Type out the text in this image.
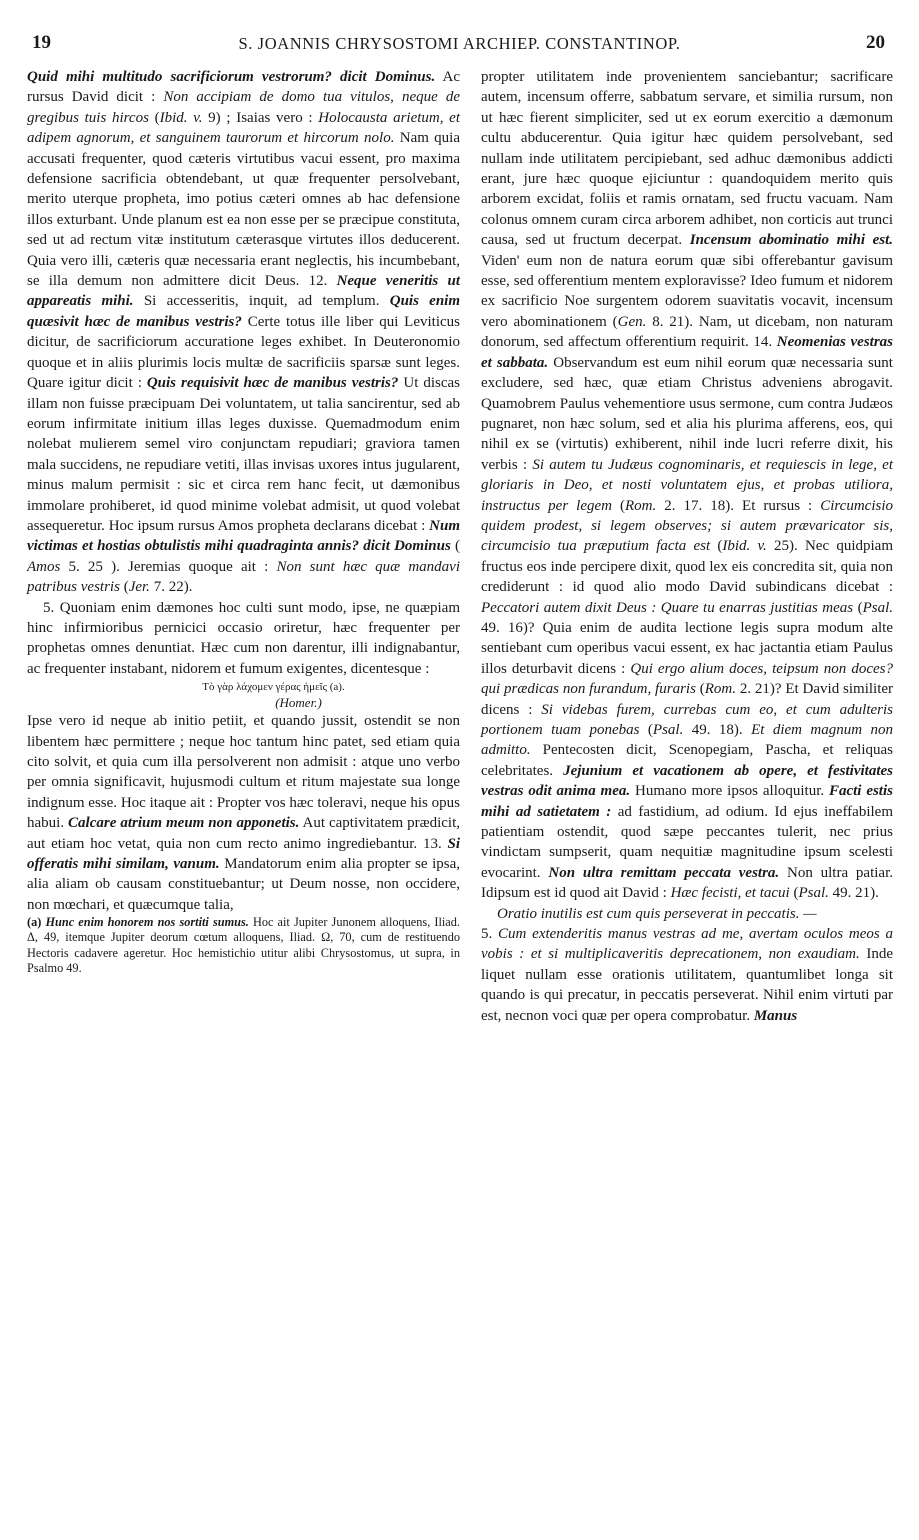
19	S. JOANNIS CHRYSOSTOMI ARCHIEP. CONSTANTINOP.	20

Quid mihi multitudo sacrificiorum vestrorum? dicit Dominus. Ac rursus David dicit : Non accipiam de domo tua vitulos, neque de gregibus tuis hircos (Ibid. v. 9) ; Isaias vero : Holocausta arietum, et adipem agnorum, et sanguinem taurorum et hircorum nolo. Nam quia accusati frequenter, quod cæteris virtutibus vacui essent, pro maxima defensione sacrificia obtendebant, ut quæ frequenter persolvebant, merito uterque propheta, imo potius cæteri omnes ab hac defensione illos exturbant. Unde planum est ea non esse per se præcipue constituta, sed ut ad rectum vitæ institutum cæterasque virtutes illos deducerent. Quia vero illi, cæteris quæ necessaria erant neglectis, his incumbebant, se illa demum non admittere dicit Deus. 12. Neque veneritis ut appareatis mihi. Si accesseritis, inquit, ad templum. Quis enim quæsivit hæc de manibus vestris? Certe totus ille liber qui Leviticus dicitur, de sacrificiorum accuratione leges exhibet. In Deuteronomio quoque et in aliis plurimis locis multæ de sacrificiis sparsæ sunt leges. Quare igitur dicit : Quis requisivit hæc de manibus vestris? Ut discas illam non fuisse præcipuam Dei voluntatem, ut talia sancirentur, sed ab eorum infirmitate initium illas leges duxisse. Quemadmodum enim nolebat mulierem semel viro conjunctam repudiari; graviora tamen mala succidens, ne repudiare vetiti, illas invisas uxores intus jugularent, minus malum permisit : sic et circa rem hanc fecit, ut dæmonibus immolare prohiberet, id quod minime volebat admisit, ut quod volebat assequeretur. Hoc ipsum rursus Amos propheta declarans dicebat : Num victimas et hostias obtulistis mihi quadraginta annis? dicit Dominus ( Amos 5. 25 ). Jeremias quoque ait : Non sunt hæc quæ mandavi patribus vestris (Jer. 7. 22).

5. Quoniam enim dæmones hoc culti sunt modo, ipse, ne quæpiam hinc infirmioribus pernicici occasio oriretur, hæc frequenter per prophetas omnes denuntiat. Hæc cum non darentur, illi indignabantur, ac frequenter instabant, nidorem et fumum exigentes, dicentesque :

Τὸ γὰρ λάχομεν γέρας ἡμεῖς (a).

(Homer.)

Ipse vero id neque ab initio petiit, et quando jussit, ostendit se non libentem hæc permittere ; neque hoc tantum hinc patet, sed etiam quia cito solvit, et quia cum illa persolverent non admisit : atque uno verbo per omnia significavit, hujusmodi cultum et ritum majestate sua longe indignum esse. Hoc itaque ait : Propter vos hæc toleravi, neque his opus habui. Calcare atrium meum non apponetis. Aut captivitatem prædicit, aut etiam hoc vetat, quia non cum recto animo ingrediebantur. 13. Si offeratis mihi similam, vanum. Mandatorum enim alia propter se ipsa, alia aliam ob causam constituebantur; ut Deum nosse, non occidere, non mœchari, et quæcumque talia,

(a) Hunc enim honorem nos sortiti sumus. Hoc ait Jupiter Junonem alloquens, Iliad. Δ, 49, itemque Jupiter deorum cœtum alloquens, Iliad. Ω, 70, cum de restituendo Hectoris cadavere ageretur. Hoc hemistichio utitur alibi Chrysostomus, ut supra, in Psalmo 49.

propter utilitatem inde provenientem sanciebantur; sacrificare autem, incensum offerre, sabbatum servare, et similia rursum, non ut hæc fierent simpliciter, sed ut ex eorum exercitio a dæmonum cultu abducerentur. Quia igitur hæc quidem persolvebant, sed nullam inde utilitatem percipiebant, sed adhuc dæmonibus addicti erant, jure hæc quoque ejiciuntur : quandoquidem merito quis arborem excidat, foliis et ramis ornatam, sed fructu vacuam. Nam colonus omnem curam circa arborem adhibet, non corticis aut trunci causa, sed ut fructum decerpat. Incensum abominatio mihi est. Viden' eum non de natura eorum quæ sibi offerebantur gavisum esse, sed offerentium mentem exploravisse? Ideo fumum et nidorem ex sacrificio Noe surgentem odorem suavitatis vocavit, incensum vero abominationem (Gen. 8. 21). Nam, ut dicebam, non naturam donorum, sed affectum offerentium requirit. 14. Neomenias vestras et sabbata. Observandum est eum nihil eorum quæ necessaria sunt excludere, sed hæc, quæ etiam Christus adveniens abrogavit. Quamobrem Paulus vehementiore usus sermone, cum contra Judæos pugnaret, non hæc solum, sed et alia his plurima afferens, eos, qui nihil ex se (virtutis) exhiberent, nihil inde lucri referre dixit, his verbis : Si autem tu Judæus cognominaris, et requiescis in lege, et gloriaris in Deo, et nosti voluntatem ejus, et probas utiliora, instructus per legem (Rom. 2. 17. 18). Et rursus : Circumcisio quidem prodest, si legem observes; si autem prævaricator sis, circumcisio tua præputium facta est (Ibid. v. 25). Nec quidpiam fructus eos inde percipere dixit, quod lex eis concredita sit, quia non crediderunt : id quod alio modo David subindicans dicebat : Peccatori autem dixit Deus : Quare tu enarras justitias meas (Psal. 49. 16)? Quia enim de audita lectione legis supra modum alte sentiebant cum operibus vacui essent, ex hac jactantia etiam Paulus illos deturbavit dicens : Qui ergo alium doces, teipsum non doces? qui prædicas non furandum, furaris (Rom. 2. 21)? Et David similiter dicens : Si videbas furem, currebas cum eo, et cum adulteris portionem tuam ponebas (Psal. 49. 18). Et diem magnum non admitto. Pentecosten dicit, Scenopegiam, Pascha, et reliquas celebritates. Jejunium et vacationem ab opere, et festivitates vestras odit anima mea. Humano more ipsos alloquitur. Facti estis mihi ad satietatem : ad fastidium, ad odium. Id ejus ineffabilem patientiam ostendit, quod sæpe peccantes tulerit, nec prius vindictam sumpserit, quam nequitiæ magnitudine ipsum scelesti evocarint. Non ultra remittam peccata vestra. Non ultra patiar. Idipsum est id quod ait David : Hæc fecisti, et tacui (Psal. 49. 21).

Oratio inutilis est cum quis perseverat in peccatis. —

5. Cum extenderitis manus vestras ad me, avertam oculos meos a vobis : et si multiplicaveritis deprecationem, non exaudiam. Inde liquet nullam esse orationis utilitatem, quantumlibet longa sit quando is qui precatur, in peccatis perseverat. Nihil enim virtuti par est, necnon voci quæ per opera comprobatur. Manus
